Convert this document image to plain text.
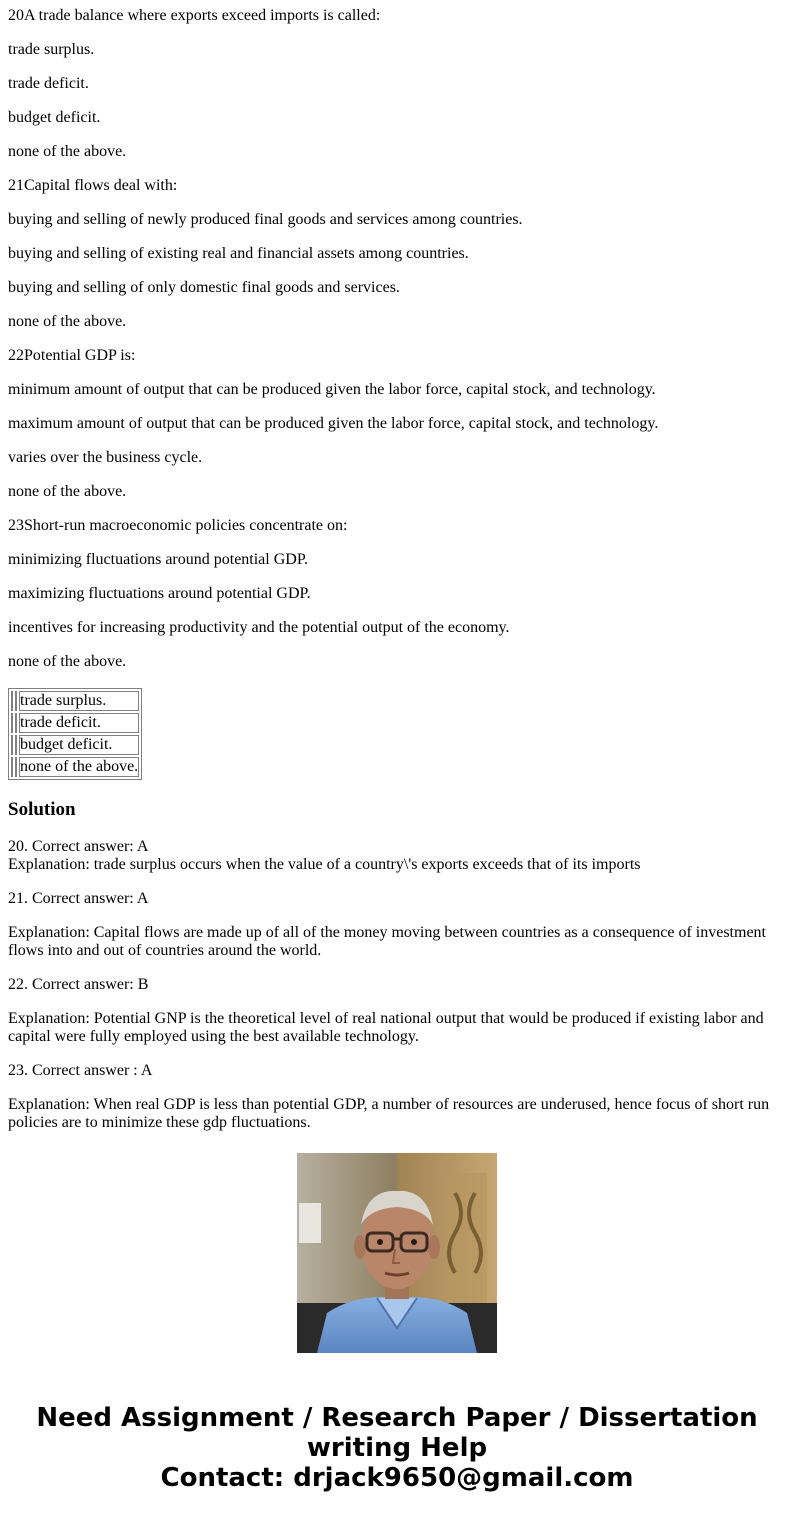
20A trade balance where exports exceed imports is called:

trade surplus.

trade deficit.

budget deficit.

none of the above.

21Capital flows deal with:

buying and selling of newly produced final goods and services among countries.

buying and selling of existing real and financial assets among countries.

buying and selling of only domestic final goods and services.

none of the above.

22Potential GDP is:

minimum amount of output that can be produced given the labor force, capital stock, and technology.

maximum amount of output that can be produced given the labor force, capital stock, and technology.

varies over the business cycle.

none of the above.

23Short-run macroeconomic policies concentrate on:

minimizing fluctuations around potential GDP.

maximizing fluctuations around potential GDP.

incentives for increasing productivity and the potential output of the economy.

none of the above.

		trade surplus.
		trade deficit.
		budget deficit.
		none of the above.
Solution

20. Correct answer: A

Explanation: trade surplus occurs when the value of a country\'s exports exceeds that of its imports

21. Correct answer: A

Explanation: Capital flows are made up of all of the money moving between countries as a consequence of investment flows into and out of countries around the world.

22. Correct answer: B

Explanation: Potential GNP is the theoretical level of real national output that would be produced if existing labor and capital were fully employed using the best available technology.

23. Correct answer : A

Explanation: When real GDP is less than potential GDP, a number of resources are underused, hence focus of short run policies are to minimize these gdp fluctuations.

Need Assignment / Research Paper / Dissertation
writing Help
Contact: drjack9650@gmail.com
